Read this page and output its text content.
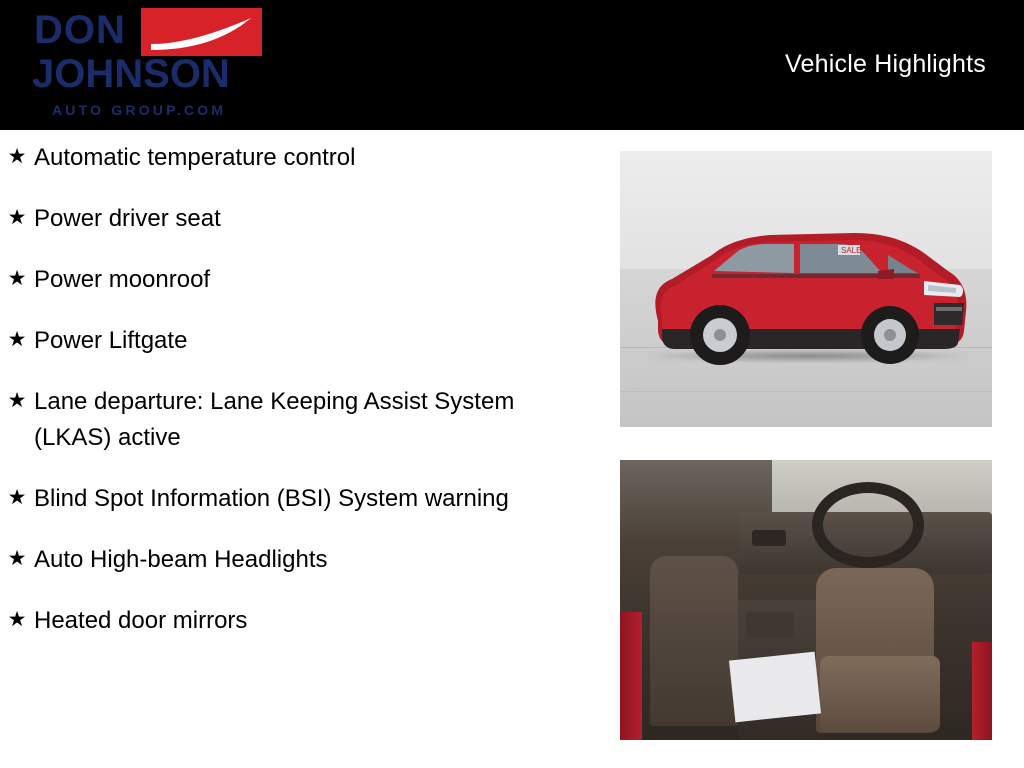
DON
JOHNSON
AUTO GROUP.COM
Vehicle Highlights
★ Automatic temperature control
★ Power driver seat
★ Power moonroof
★ Power Liftgate
★ Lane departure: Lane Keeping Assist System (LKAS) active
★ Blind Spot Information (BSI) System warning
★ Auto High-beam Headlights
★ Heated door mirrors
SALE
